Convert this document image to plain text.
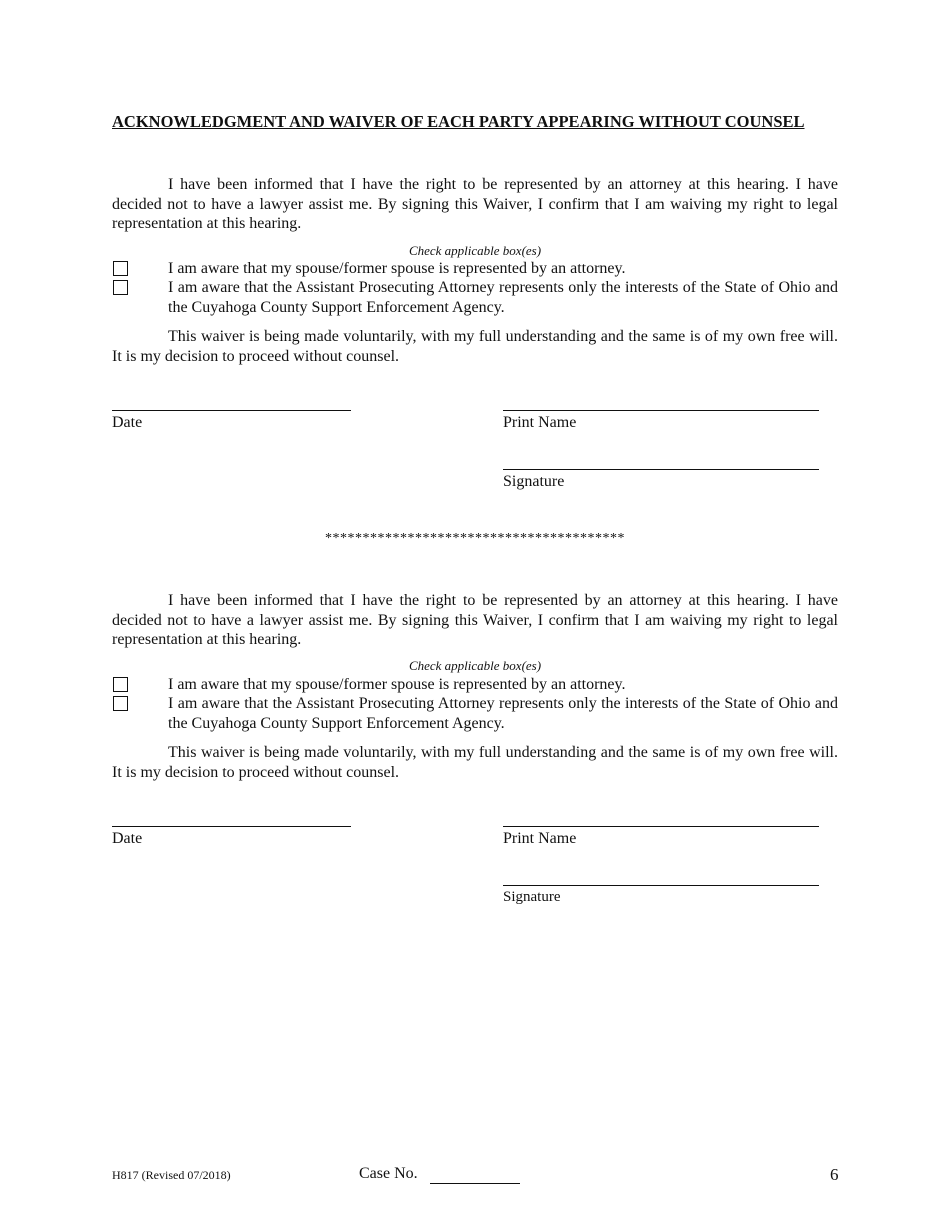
ACKNOWLEDGMENT AND WAIVER OF EACH PARTY APPEARING WITHOUT COUNSEL

I have been informed that I have the right to be represented by an attorney at this hearing. I have decided not to have a lawyer assist me. By signing this Waiver, I confirm that I am waiving my right to legal representation at this hearing.

Check applicable box(es)
I am aware that my spouse/former spouse is represented by an attorney.
I am aware that the Assistant Prosecuting Attorney represents only the interests of the State of Ohio and the Cuyahoga County Support Enforcement Agency.

This waiver is being made voluntarily, with my full understanding and the same is of my own free will. It is my decision to proceed without counsel.

Date	Print Name
Signature
****************************************

I have been informed that I have the right to be represented by an attorney at this hearing. I have decided not to have a lawyer assist me. By signing this Waiver, I confirm that I am waiving my right to legal representation at this hearing.

Check applicable box(es)
I am aware that my spouse/former spouse is represented by an attorney.
I am aware that the Assistant Prosecuting Attorney represents only the interests of the State of Ohio and the Cuyahoga County Support Enforcement Agency.

This waiver is being made voluntarily, with my full understanding and the same is of my own free will. It is my decision to proceed without counsel.

Date	Print Name
Signature
H817 (Revised 07/2018)	Case No.	6
